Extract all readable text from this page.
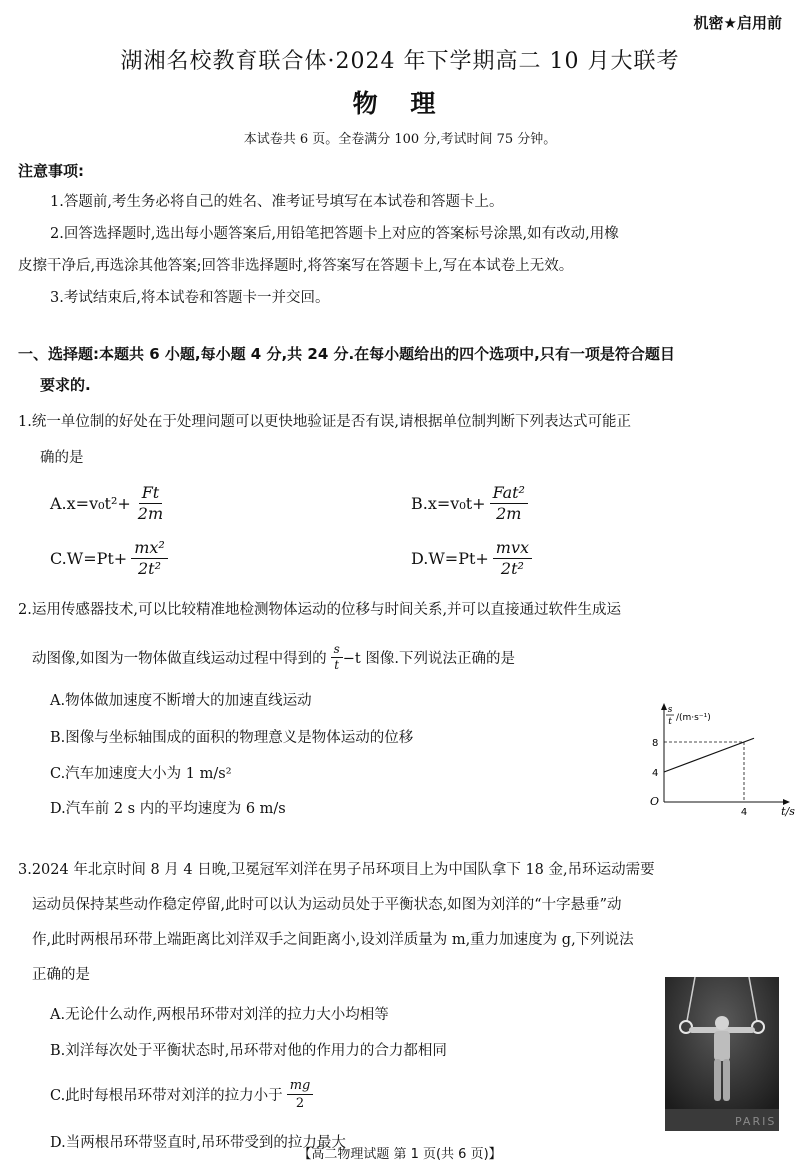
机密★启用前
湖湘名校教育联合体·2024 年下学期高二 10 月大联考
物 理
本试卷共 6 页。全卷满分 100 分,考试时间 75 分钟。
注意事项:
1.答题前,考生务必将自己的姓名、准考证号填写在本试卷和答题卡上。
2.回答选择题时,选出每小题答案后,用铅笔把答题卡上对应的答案标号涂黑,如有改动,用橡
皮擦干净后,再选涂其他答案;回答非选择题时,将答案写在答题卡上,写在本试卷上无效。
3.考试结束后,将本试卷和答题卡一并交回。
一、选择题:本题共 6 小题,每小题 4 分,共 24 分.在每小题给出的四个选项中,只有一项是符合题目
要求的.
1.统一单位制的好处在于处理问题可以更快地验证是否有误,请根据单位制判断下列表达式可能正
确的是
$A.x=v_0t^2+ \frac{Ft}{2m}$	$B.x=v_0t+ \frac{\text{Fat²}}{2m}$
$C.W=Pt+ \frac{\text{mx²}}{\text{2t²}}$	$D.W=Pt+ \frac{\text{mvx}}{\text{2t²}}$
2.运用传感器技术,可以比较精准地检测物体运动的位移与时间关系,并可以直接通过软件生成运
动图像,如图为一物体做直线运动过程中得到的 $\frac{s}{t} -t$ 图像.下列说法正确的是
A.物体做加速度不断增大的加速直线运动
B.图像与坐标轴围成的面积的物理意义是物体运动的位移
C.汽车加速度大小为 1 m/s²
D.汽车前 2 s 内的平均速度为 6 m/s
s
t /(m·s⁻¹)
t/s
O
4
4
8
3.2024 年北京时间 8 月 4 日晚,卫冕冠军刘洋在男子吊环项目上为中国队拿下 18 金,吊环运动需要
运动员保持某些动作稳定停留,此时可以认为运动员处于平衡状态,如图为刘洋的“十字悬垂”动
作,此时两根吊环带上端距离比刘洋双手之间距离小,设刘洋质量为 m,重力加速度为 g,下列说法
正确的是
A.无论什么动作,两根吊环带对刘洋的拉力大小均相等
B.刘洋每次处于平衡状态时,吊环带对他的作用力的合力都相同
C.此时每根吊环带对刘洋的拉力小于 $\frac{mg}{2}$
D.当两根吊环带竖直时,吊环带受到的拉力最大
PARIS
【高二物理试题 第 1 页(共 6 页)】
